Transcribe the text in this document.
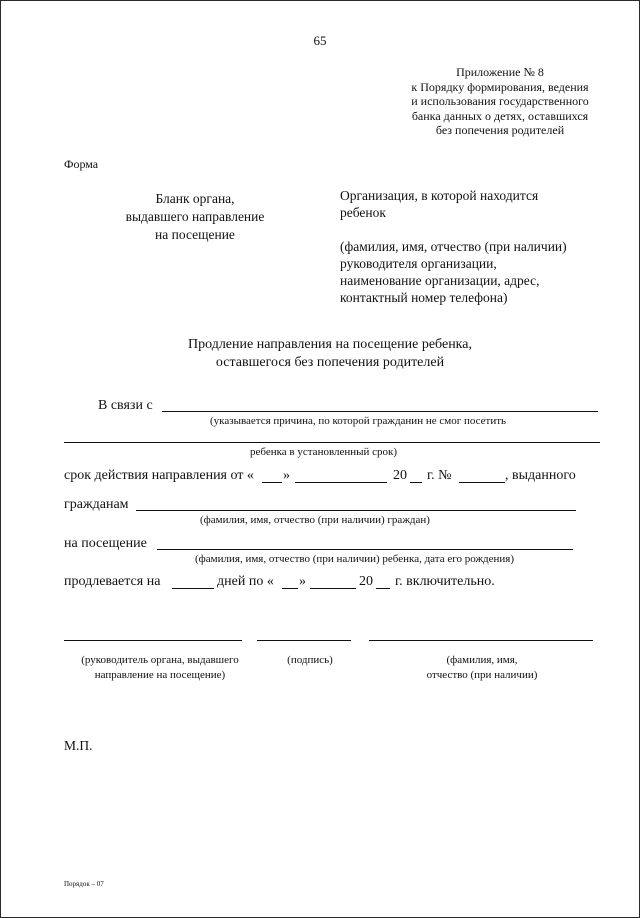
65
Приложение № 8
к Порядку формирования, ведения
и использования государственного
банка данных о детях, оставшихся
без попечения родителей
Форма
Бланк органа,
выдавшего направление
на посещение
Организация, в которой находится
ребенок
(фамилия, имя, отчество (при наличии)
руководителя организации,
наименование организации, адрес,
контактный номер телефона)
Продление направления на посещение ребенка,
оставшегося без попечения родителей
В связи с
(указывается причина, по которой гражданин не смог посетить
ребенка в установленный срок)
срок действия направления от « »	20 г. №	, выданного
гражданам
(фамилия, имя, отчество (при наличии) граждан)
на посещение
(фамилия, имя, отчество (при наличии) ребенка, дата его рождения)
продлевается на	дней по « »	20 г. включительно.
(руководитель органа, выдавшего
направление на посещение)
(подпись)	(фамилия, имя,
отчество (при наличии)
М.П.
Порядок – 07
